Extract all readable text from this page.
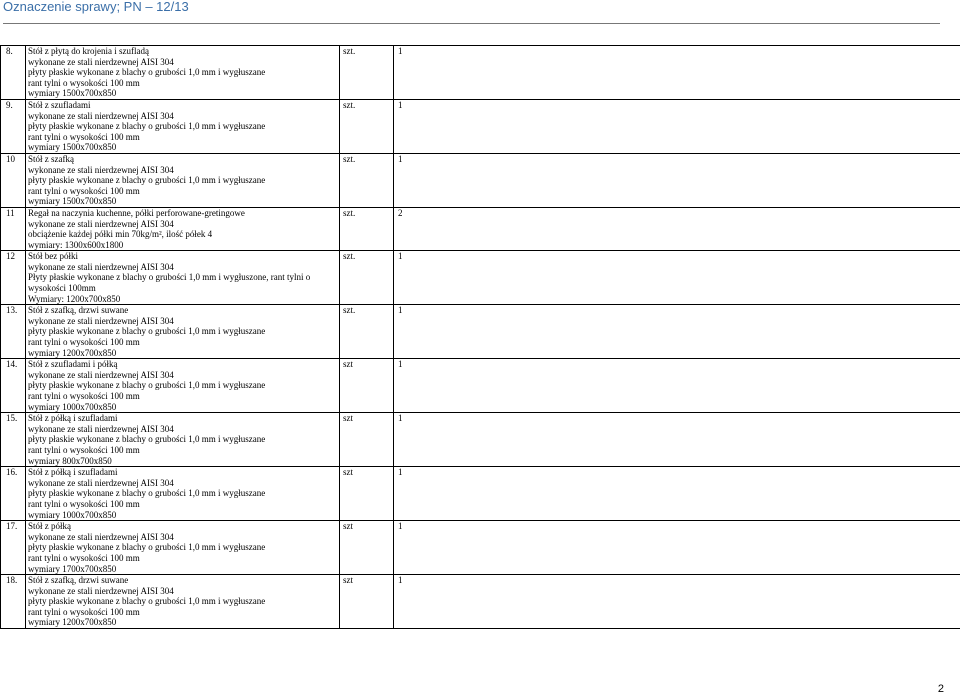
Oznaczenie sprawy; PN – 12/13
8.	Stół z płytą do krojenia i szufladą
wykonane ze stali nierdzewnej AISI 304
płyty płaskie wykonane z blachy o grubości 1,0 mm i wygłuszane
rant tylni o wysokości 100 mm
wymiary 1500x700x850	szt.	1

9.	Stół z szufladami
wykonane ze stali nierdzewnej AISI 304
płyty płaskie wykonane z blachy o grubości 1,0 mm i wygłuszane
rant tylni o wysokości 100 mm
wymiary 1500x700x850	szt.	1

10	Stół z szafką
wykonane ze stali nierdzewnej AISI 304
płyty płaskie wykonane z blachy o grubości 1,0 mm i wygłuszane
rant tylni o wysokości 100 mm
wymiary 1500x700x850	szt.	1

11	Regał na naczynia kuchenne, półki perforowane-gretingowe
wykonane ze stali nierdzewnej AISI 304
obciążenie każdej półki min 70kg/m², ilość półek 4
wymiary: 1300x600x1800	szt.	2

12	Stół bez półki
wykonane ze stali nierdzewnej AISI 304
Płyty płaskie wykonane z blachy o grubości 1,0 mm i wygłuszone, rant tylni o wysokości 100mm
Wymiary: 1200x700x850	szt.	1

13.	Stół z szafką, drzwi suwane
wykonane ze stali nierdzewnej AISI 304
płyty płaskie wykonane z blachy o grubości 1,0 mm i wygłuszane
rant tylni o wysokości 100 mm
wymiary 1200x700x850	szt.	1

14.	Stół z szufladami i półką
wykonane ze stali nierdzewnej AISI 304
płyty płaskie wykonane z blachy o grubości 1,0 mm i wygłuszane
rant tylni o wysokości 100 mm
wymiary 1000x700x850	szt	1

15.	Stół z półką i szufladami
wykonane ze stali nierdzewnej AISI 304
płyty płaskie wykonane z blachy o grubości 1,0 mm i wygłuszane
rant tylni o wysokości 100 mm
wymiary 800x700x850	szt	1

16.	Stół z półką i szufladami
wykonane ze stali nierdzewnej AISI 304
płyty płaskie wykonane z blachy o grubości 1,0 mm i wygłuszane
rant tylni o wysokości 100 mm
wymiary 1000x700x850	szt	1

17.	Stół z półką
wykonane ze stali nierdzewnej AISI 304
płyty płaskie wykonane z blachy o grubości 1,0 mm i wygłuszane
rant tylni o wysokości 100 mm
wymiary 1700x700x850	szt	1

18.	Stół z szafką, drzwi suwane
wykonane ze stali nierdzewnej AISI 304
płyty płaskie wykonane z blachy o grubości 1,0 mm i wygłuszane
rant tylni o wysokości 100 mm
wymiary 1200x700x850	szt	1
2
